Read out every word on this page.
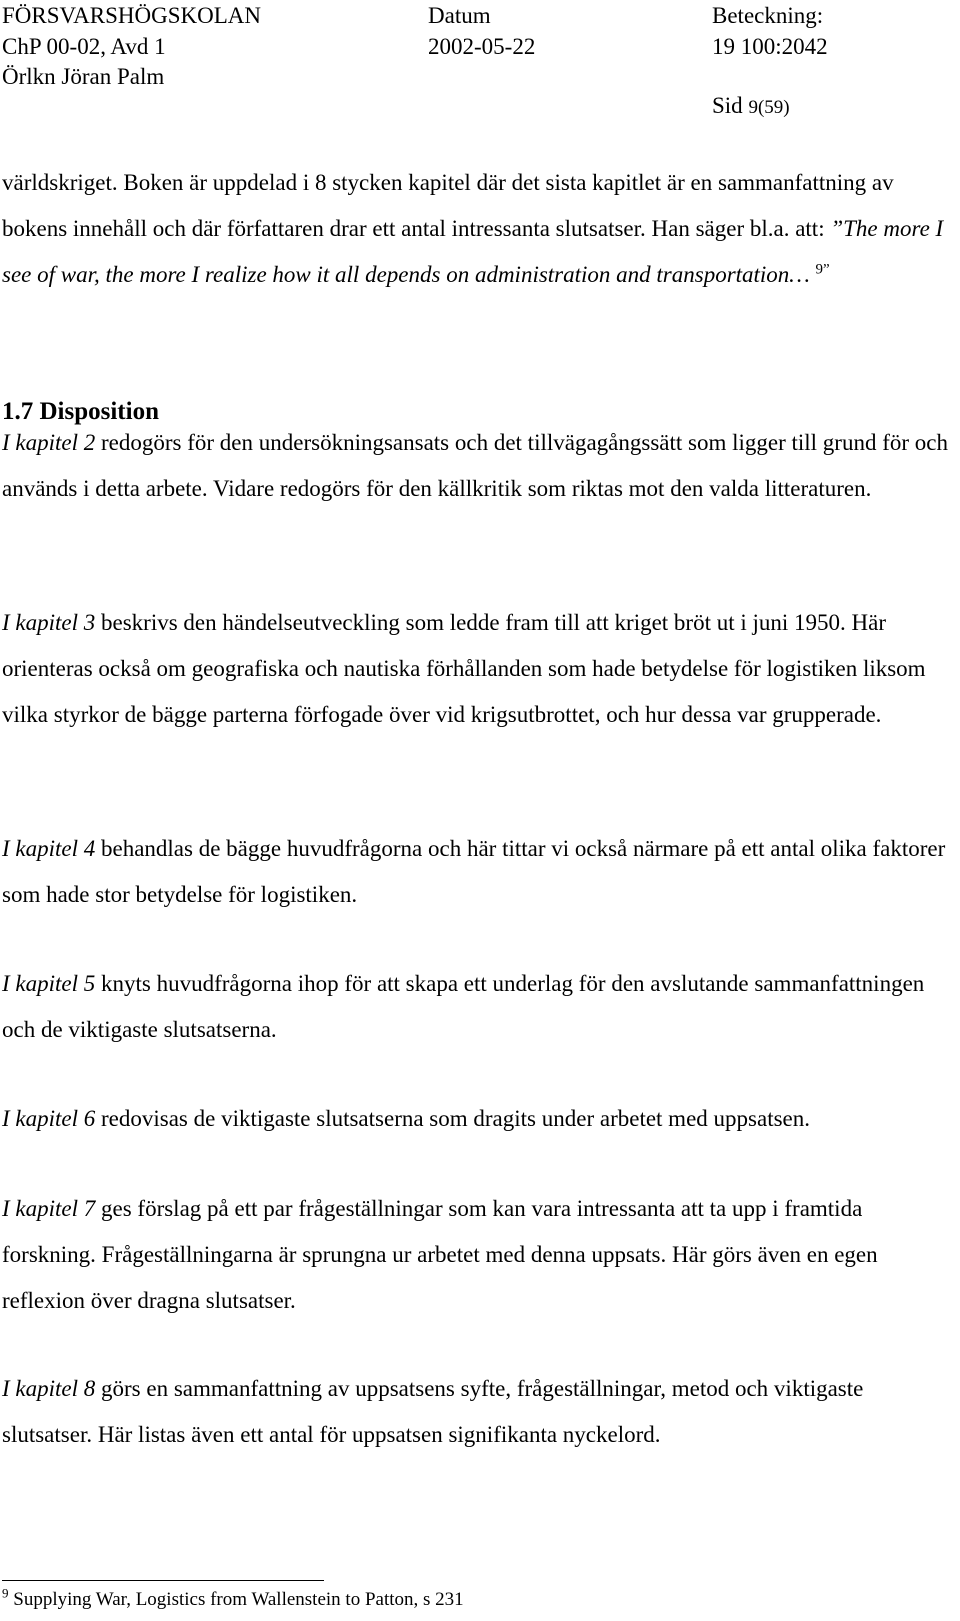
FÖRSVARSHÖGSKOLAN
ChP 00-02, Avd 1
Örlkn Jöran Palm
Datum
2002-05-22
Beteckning:
19 100:2042
Sid 9(59)
världskriget. Boken är uppdelad i 8 stycken kapitel där det sista kapitlet är en sammanfattning av bokens innehåll och där författaren drar ett antal intressanta slutsatser. Han säger bl.a. att: ”The more I see of war, the more I realize how it all depends on administration and transportation… $^{9”}$
1.7 Disposition
I kapitel 2 redogörs för den undersökningsansats och det tillvägagångssätt som ligger till grund för och används i detta arbete. Vidare redogörs för den källkritik som riktas mot den valda litteraturen.
I kapitel 3 beskrivs den händelseutveckling som ledde fram till att kriget bröt ut i juni 1950. Här orienteras också om geografiska och nautiska förhållanden som hade betydelse för logistiken liksom vilka styrkor de bägge parterna förfogade över vid krigsutbrottet, och hur dessa var grupperade.
I kapitel 4 behandlas de bägge huvudfrågorna och här tittar vi också närmare på ett antal olika faktorer som hade stor betydelse för logistiken.
I kapitel 5 knyts huvudfrågorna ihop för att skapa ett underlag för den avslutande sammanfattningen och de viktigaste slutsatserna.
I kapitel 6 redovisas de viktigaste slutsatserna som dragits under arbetet med uppsatsen.
I kapitel 7 ges förslag på ett par frågeställningar som kan vara intressanta att ta upp i framtida forskning. Frågeställningarna är sprungna ur arbetet med denna uppsats. Här görs även en egen reflexion över dragna slutsatser.
I kapitel 8 görs en sammanfattning av uppsatsens syfte, frågeställningar, metod och viktigaste slutsatser. Här listas även ett antal för uppsatsen signifikanta nyckelord.
$^9$ Supplying War, Logistics from Wallenstein to Patton, s 231
